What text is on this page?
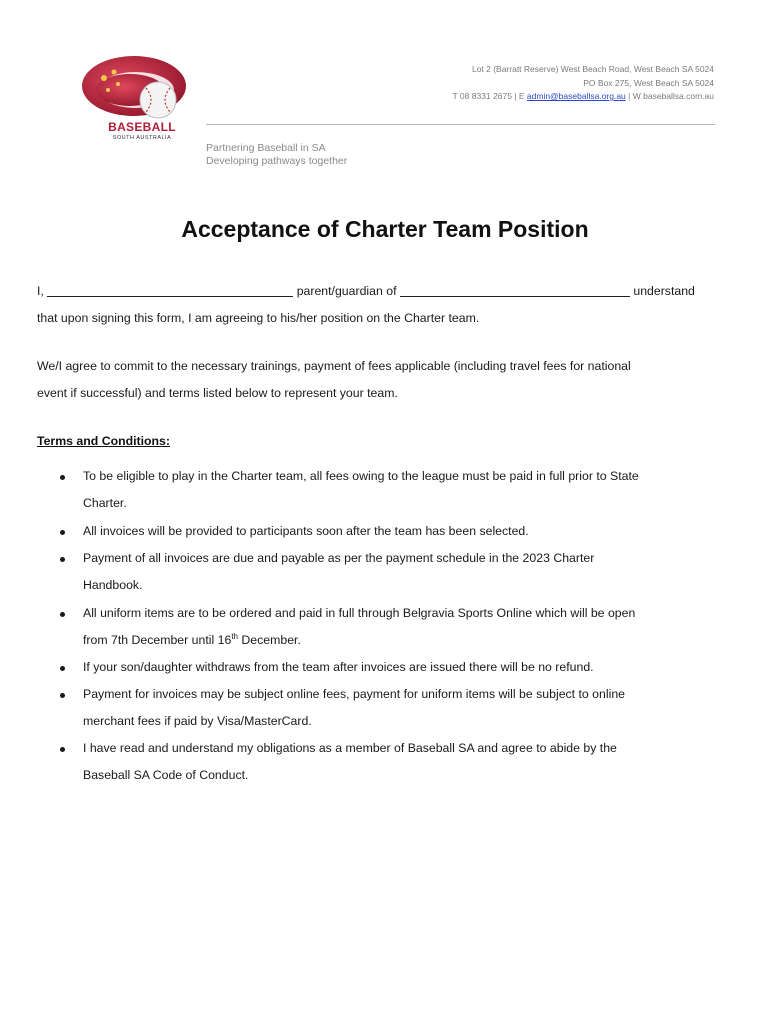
BASEBALL
SOUTH AUSTRALIA
Lot 2 (Barratt Reserve) West Beach Road, West Beach SA 5024
PO Box 275, West Beach SA 5024
T 08 8331 2675 | E admin@baseballsa.org.au | W baseballsa.com.au
Partnering Baseball in SA
Developing pathways together
Acceptance of Charter Team Position
I,	parent/guardian of	understand
that upon signing this form, I am agreeing to his/her position on the Charter team.
We/I agree to commit to the necessary trainings, payment of fees applicable (including travel fees for national
event if successful) and terms listed below to represent your team.
Terms and Conditions:
To be eligible to play in the Charter team, all fees owing to the league must be paid in full prior to State
Charter.
All invoices will be provided to participants soon after the team has been selected.
Payment of all invoices are due and payable as per the payment schedule in the 2023 Charter
Handbook.
All uniform items are to be ordered and paid in full through Belgravia Sports Online which will be open
from 7th December until 16th December.
If your son/daughter withdraws from the team after invoices are issued there will be no refund.
Payment for invoices may be subject online fees, payment for uniform items will be subject to online
merchant fees if paid by Visa/MasterCard.
I have read and understand my obligations as a member of Baseball SA and agree to abide by the
Baseball SA Code of Conduct.
